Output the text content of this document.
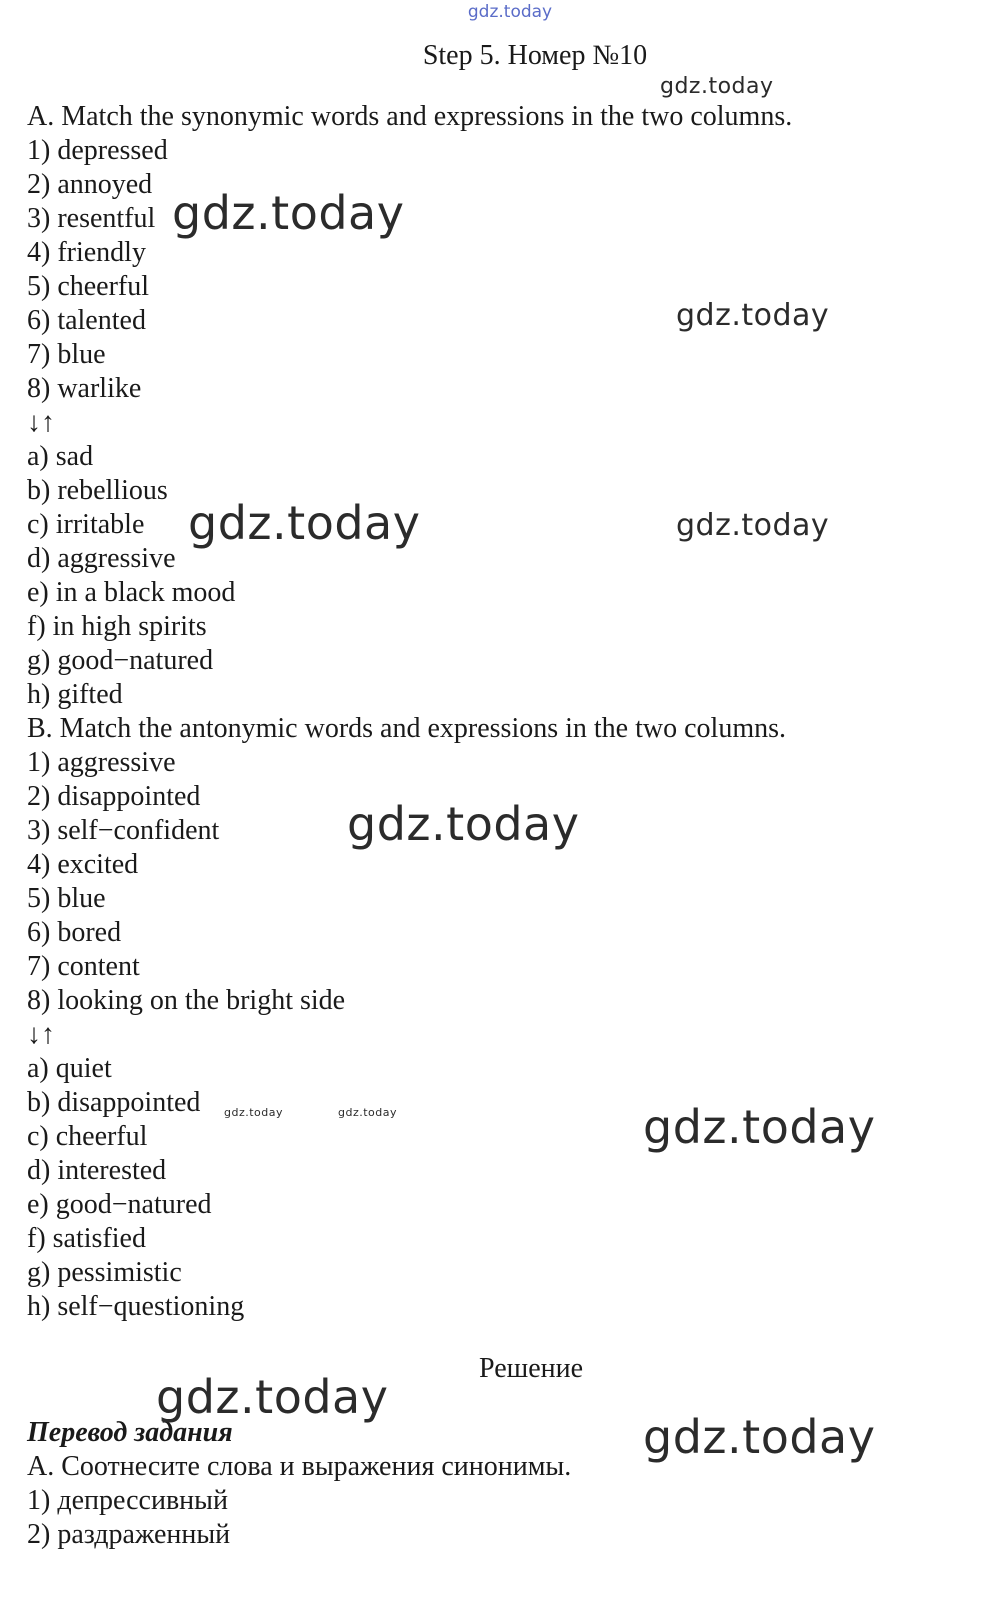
gdz.today
Step 5. Номер №10
A. Match the synonymic words and expressions in the two columns.
1) depressed
2) annoyed
3) resentful
4) friendly
5) cheerful
6) talented
7) blue
8) warlike
↓↑
a) sad
b) rebellious
c) irritable
d) aggressive
e) in a black mood
f) in high spirits
g) good−natured
h) gifted
B. Match the antonymic words and expressions in the two columns.
1) aggressive
2) disappointed
3) self−confident
4) excited
5) blue
6) bored
7) content
8) looking on the bright side
↓↑
a) quiet
b) disappointed
c) cheerful
d) interested
e) good−natured
f) satisfied
g) pessimistic
h) self−questioning
Решение
Перевод задания
A. Соотнесите слова и выражения синонимы.
1) депрессивный
2) раздраженный
gdz.today
gdz.today
gdz.today
gdz.today	gdz.today
gdz.today
gdz.today	gdz.today	gdz.today
gdz.today
gdz.today
